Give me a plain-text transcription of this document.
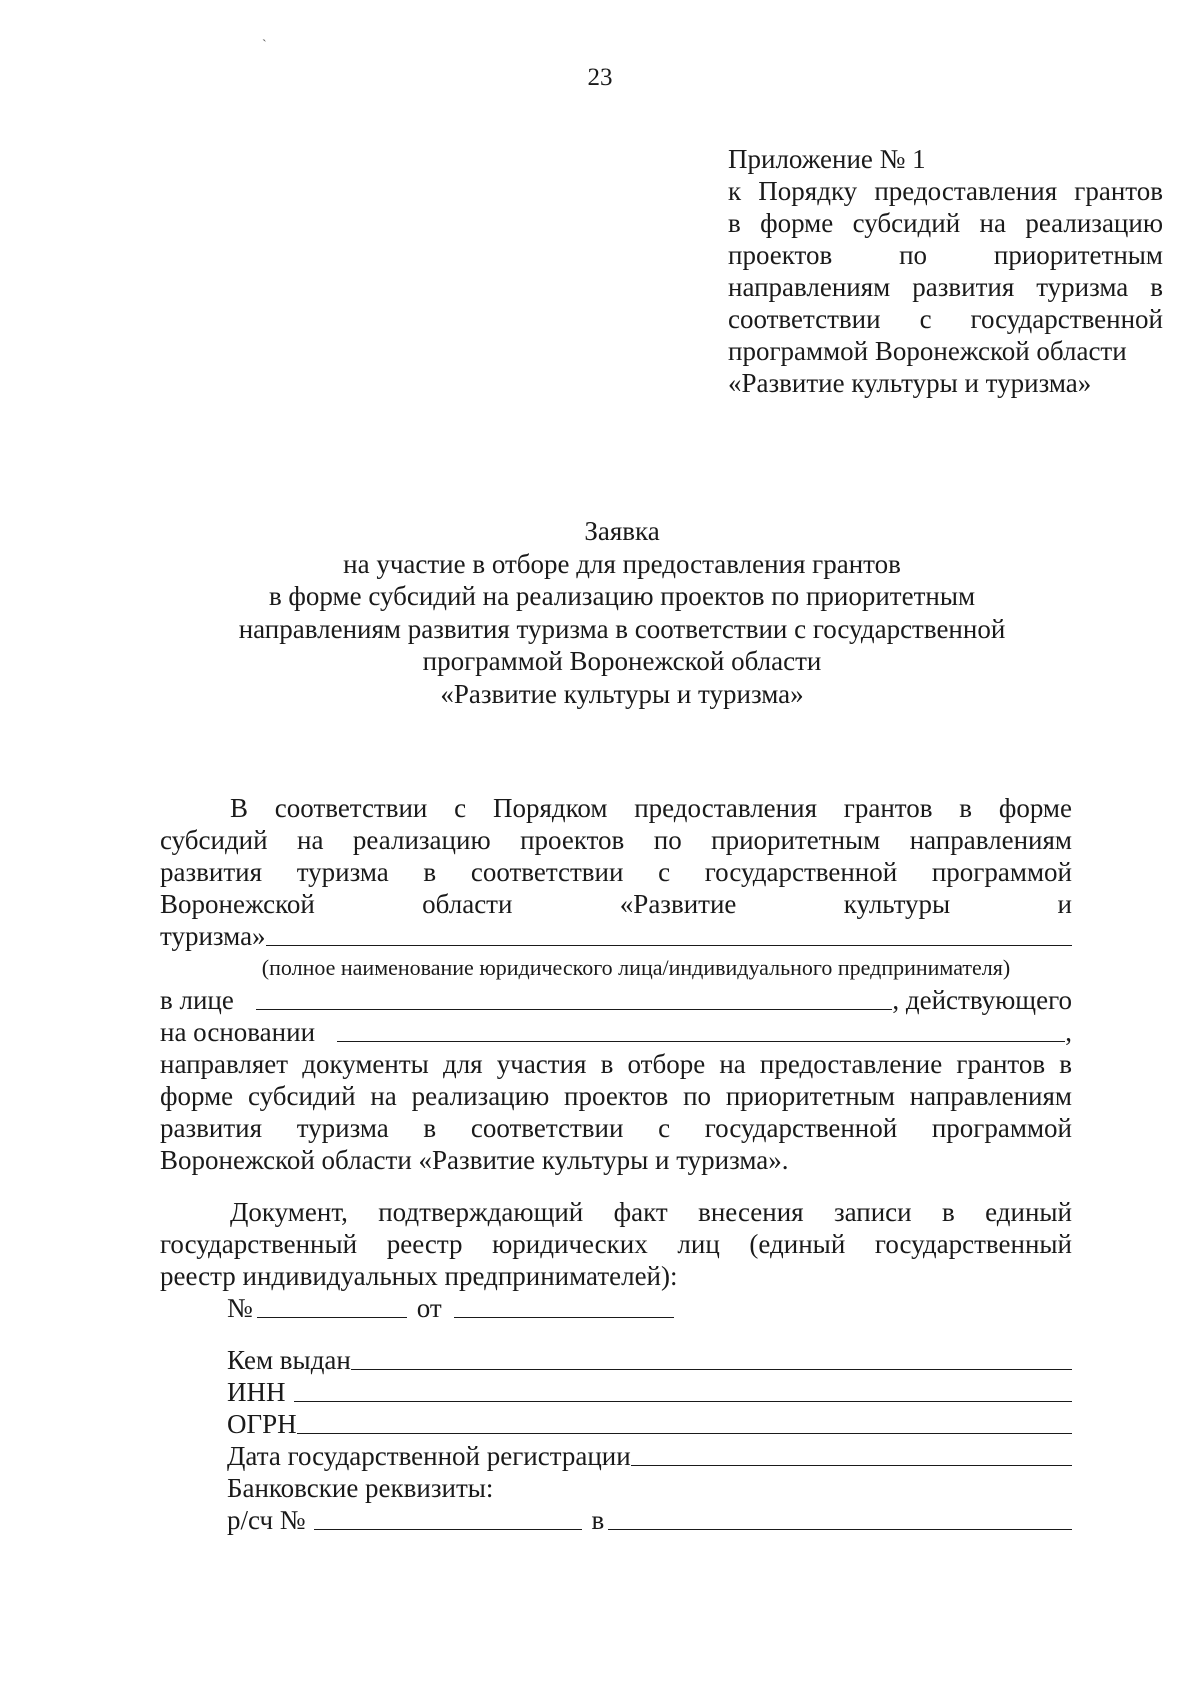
`
23
Приложение № 1
к Порядку предоставления грантов
в форме субсидий на реализацию
проектов по приоритетным
направлениям развития туризма в
соответствии с государственной
программой Воронежской области
«Развитие культуры и туризма»
Заявка
на участие в отборе для предоставления грантов
в форме субсидий на реализацию проектов по приоритетным
направлениям развития туризма в соответствии с государственной
программой Воронежской области
«Развитие культуры и туризма»
В соответствии с Порядком предоставления грантов в форме
субсидий на реализацию проектов по приоритетным направлениям
развития туризма в соответствии с государственной программой
Воронежской области «Развитие культуры и
туризма»
(полное наименование юридического лица/индивидуального предпринимателя)
в лице	, действующего
на основании	,
направляет документы для участия в отборе на предоставление грантов в
форме субсидий на реализацию проектов по приоритетным направлениям
развития туризма в соответствии с государственной программой
Воронежской области «Развитие культуры и туризма».
Документ, подтверждающий факт внесения записи в единый
государственный реестр юридических лиц (единый государственный
реестр индивидуальных предпринимателей):
№	от
Кем выдан
ИНН
ОГРН
Дата государственной регистрации
Банковские реквизиты:
р/сч №	в
